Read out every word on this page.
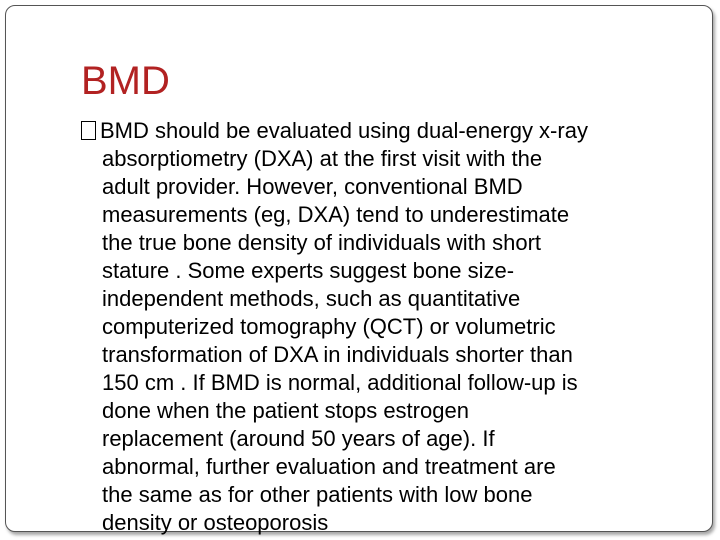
BMD
BMD should be evaluated using dual-energy x-ray
absorptiometry (DXA) at the first visit with the
adult provider. However, conventional BMD
measurements (eg, DXA) tend to underestimate
the true bone density of individuals with short
stature . Some experts suggest bone size-
independent methods, such as quantitative
computerized tomography (QCT) or volumetric
transformation of DXA in individuals shorter than
150 cm . If BMD is normal, additional follow-up is
done when the patient stops estrogen
replacement (around 50 years of age). If
abnormal, further evaluation and treatment are
the same as for other patients with low bone
density or osteoporosis
